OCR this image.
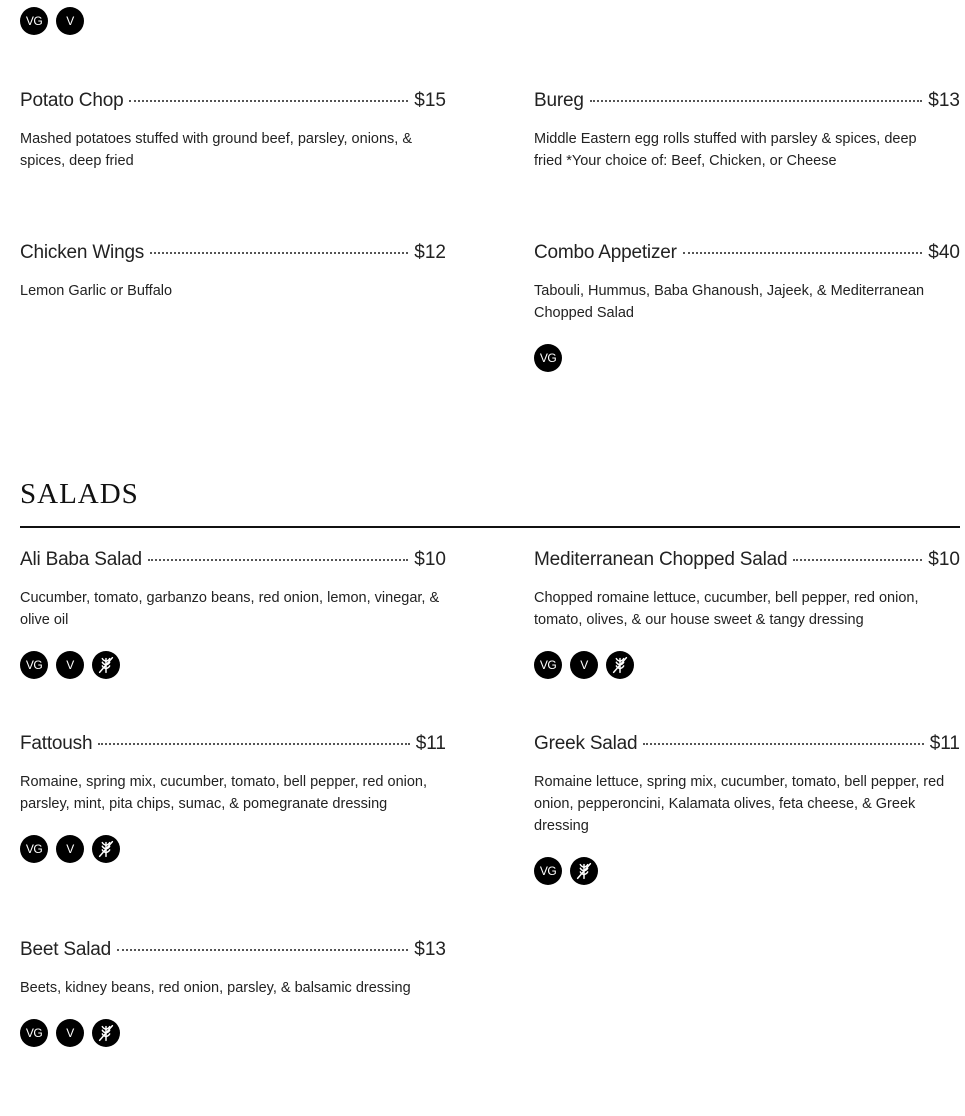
VG	V
Potato Chop	$15
Mashed potatoes stuffed with ground beef, parsley, onions, & spices, deep fried
Bureg	$13
Middle Eastern egg rolls stuffed with parsley & spices, deep fried *Your choice of: Beef, Chicken, or Cheese
Chicken Wings	$12
Lemon Garlic or Buffalo
Combo Appetizer	$40
Tabouli, Hummus, Baba Ghanoush, Jajeek, & Mediterranean Chopped Salad
VG
SALADS
Ali Baba Salad	$10
Cucumber, tomato, garbanzo beans, red onion, lemon, vinegar, & olive oil
VG	V
Mediterranean Chopped Salad	$10
Chopped romaine lettuce, cucumber, bell pepper, red onion, tomato, olives, & our house sweet & tangy dressing
VG	V
Fattoush	$11
Romaine, spring mix, cucumber, tomato, bell pepper, red onion, parsley, mint, pita chips, sumac, & pomegranate dressing
VG	V
Greek Salad	$11
Romaine lettuce, spring mix, cucumber, tomato, bell pepper, red onion, pepperoncini, Kalamata olives, feta cheese, & Greek dressing
VG
Beet Salad	$13
Beets, kidney beans, red onion, parsley, & balsamic dressing
VG	V
